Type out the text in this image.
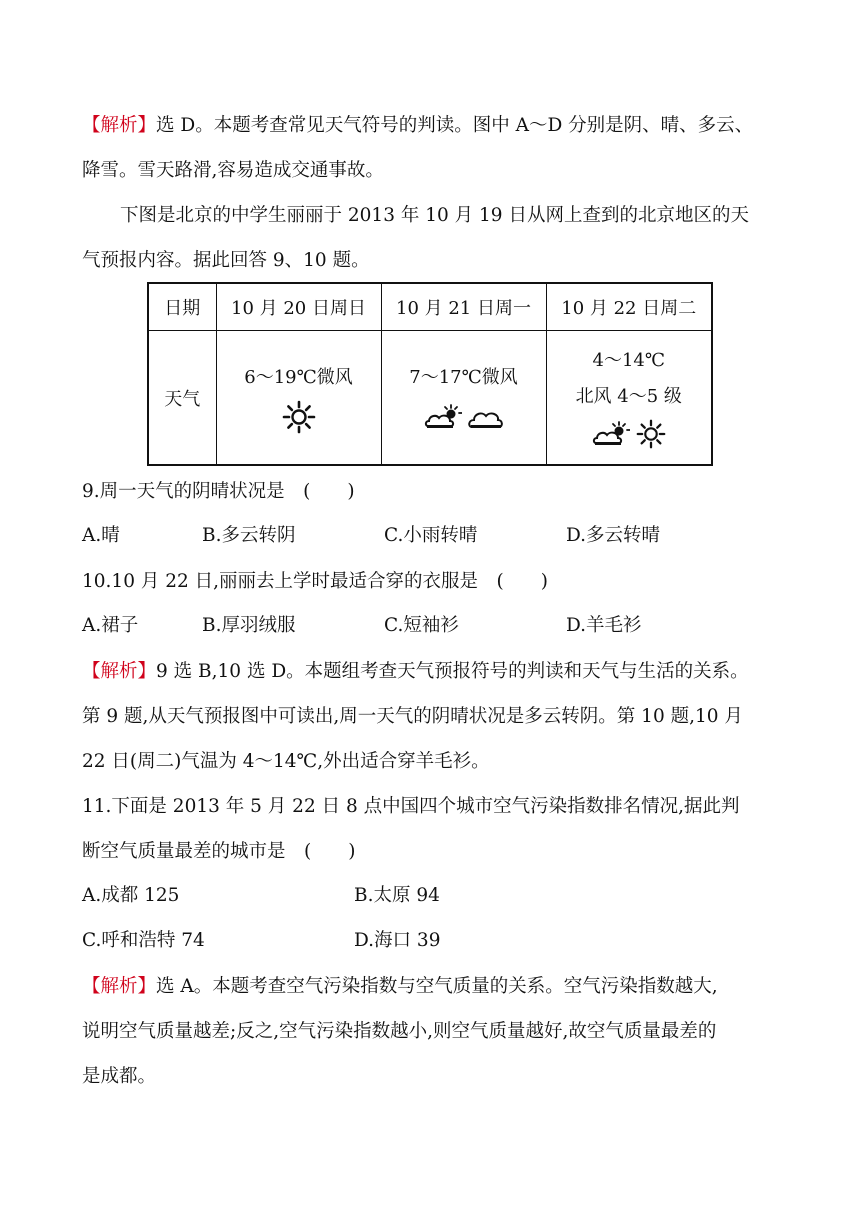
【解析】选 D。本题考查常见天气符号的判读。图中 A～D 分别是阴、晴、多云、
降雪。雪天路滑,容易造成交通事故。
下图是北京的中学生丽丽于 2013 年 10 月 19 日从网上查到的北京地区的天
气预报内容。据此回答 9、10 题。
日期	10 月 20 日周日	10 月 21 日周一	10 月 22 日周二
天气	6～19℃微风	7～17℃微风	4～14℃
北风 4～5 级
9.周一天气的阴晴状况是　(　　)
A.晴	B.多云转阴	C.小雨转晴	D.多云转晴
10.10 月 22 日,丽丽去上学时最适合穿的衣服是　(　　)
A.裙子	B.厚羽绒服	C.短袖衫	D.羊毛衫
【解析】9 选 B,10 选 D。本题组考查天气预报符号的判读和天气与生活的关系。
第 9 题,从天气预报图中可读出,周一天气的阴晴状况是多云转阴。第 10 题,10 月
22 日(周二)气温为 4～14℃,外出适合穿羊毛衫。
11.下面是 2013 年 5 月 22 日 8 点中国四个城市空气污染指数排名情况,据此判
断空气质量最差的城市是　(　　)
A.成都 125	B.太原 94
C.呼和浩特 74	D.海口 39
【解析】选 A。本题考查空气污染指数与空气质量的关系。空气污染指数越大,
说明空气质量越差;反之,空气污染指数越小,则空气质量越好,故空气质量最差的
是成都。
